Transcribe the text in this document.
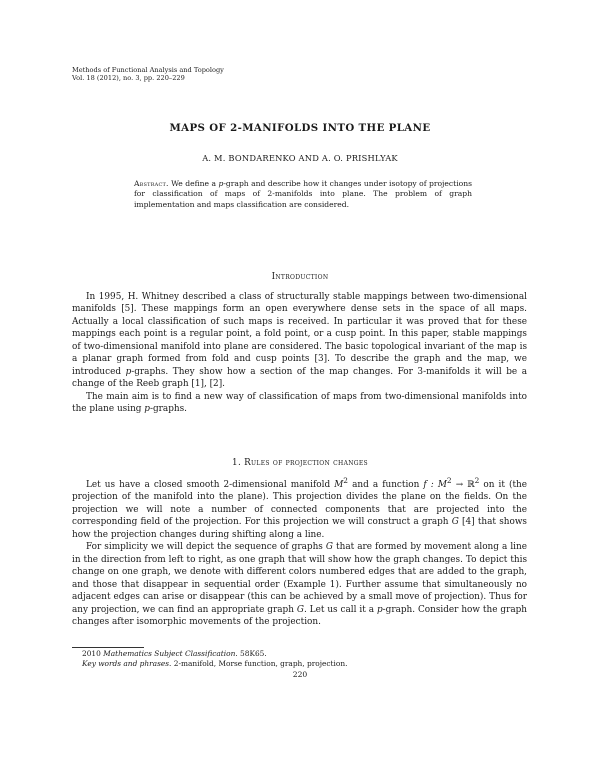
Methods of Functional Analysis and Topology
Vol. 18 (2012), no. 3, pp. 220–229
MAPS OF 2-MANIFOLDS INTO THE PLANE
A. M. BONDARENKO AND A. O. PRISHLYAK
Abstract. We define a p-graph and describe how it changes under isotopy of projections for classification of maps of 2-manifolds into plane. The problem of graph implementation and maps classification are considered.
Introduction

In 1995, H. Whitney described a class of structurally stable mappings between two-dimensional manifolds [5]. These mappings form an open everywhere dense sets in the space of all maps. Actually a local classification of such maps is received. In particular it was proved that for these mappings each point is a regular point, a fold point, or a cusp point. In this paper, stable mappings of two-dimensional manifold into plane are considered. The basic topological invariant of the map is a planar graph formed from fold and cusp points [3]. To describe the graph and the map, we introduced p-graphs. They show how a section of the map changes. For 3-manifolds it will be a change of the Reeb graph [1], [2].

The main aim is to find a new way of classification of maps from two-dimensional manifolds into the plane using p-graphs.

1. Rules of projection changes

Let us have a closed smooth 2-dimensional manifold $M^2$ and a function f : $M^2$ → ℝ$^2$ on it (the projection of the manifold into the plane). This projection divides the plane on the fields. On the projection we will note a number of connected components that are projected into the corresponding field of the projection. For this projection we will construct a graph G [4] that shows how the projection changes during shifting along a line.

For simplicity we will depict the sequence of graphs G that are formed by movement along a line in the direction from left to right, as one graph that will show how the graph changes. To depict this change on one graph, we denote with different colors numbered edges that are added to the graph, and those that disappear in sequential order (Example 1). Further assume that simultaneously no adjacent edges can arise or disappear (this can be achieved by a small move of projection). Thus for any projection, we can find an appropriate graph G. Let us call it a p-graph. Consider how the graph changes after isomorphic movements of the projection.

2010 Mathematics Subject Classification. 58K65.
Key words and phrases. 2-manifold, Morse function, graph, projection.
220
